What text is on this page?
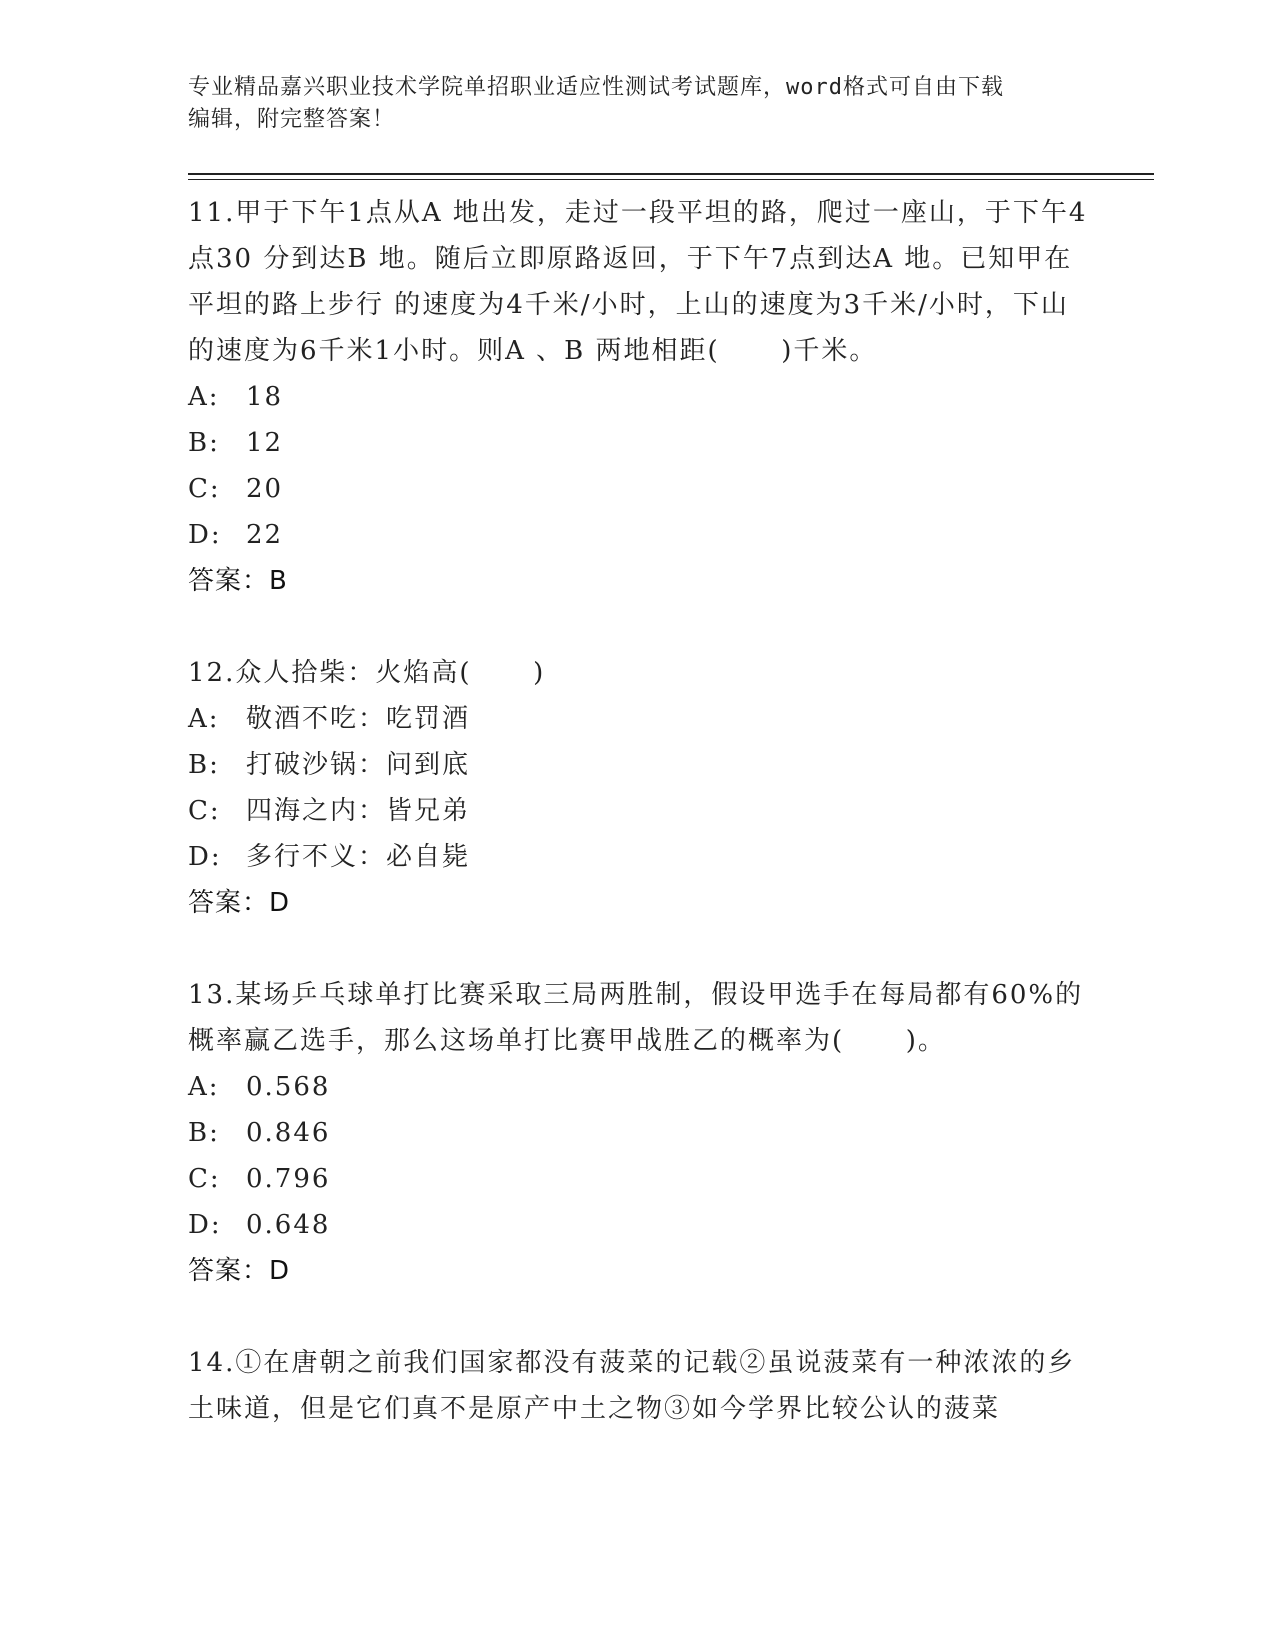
专业精品嘉兴职业技术学院单招职业适应性测试考试题库，word格式可自由下载
编辑，附完整答案！

11.甲于下午1点从A 地出发，走过一段平坦的路，爬过一座山，于下午4点30 分到达B 地。随后立即原路返回，于下午7点到达A 地。已知甲在平坦的路上步行 的速度为4千米/小时，上山的速度为3千米/小时，下山的速度为6千米1小时。则A 、B 两地相距(      )千米。

A:	18
B:	12
C: 20
D: 22
答案：B

12.众人拾柴：火焰高(      )

A:	敬酒不吃：吃罚酒
B:	打破沙锅：问到底
C: 四海之内：皆兄弟
D: 多行不义：必自毙
答案：D

13.某场乒乓球单打比赛采取三局两胜制，假设甲选手在每局都有60%的概率赢乙选手，那么这场单打比赛甲战胜乙的概率为(      )。

A:	0.568
B:	0.846
C: 0.796
D: 0.648
答案：D

14.①在唐朝之前我们国家都没有菠菜的记载②虽说菠菜有一种浓浓的乡土味道，但是它们真不是原产中土之物③如今学界比较公认的菠菜
